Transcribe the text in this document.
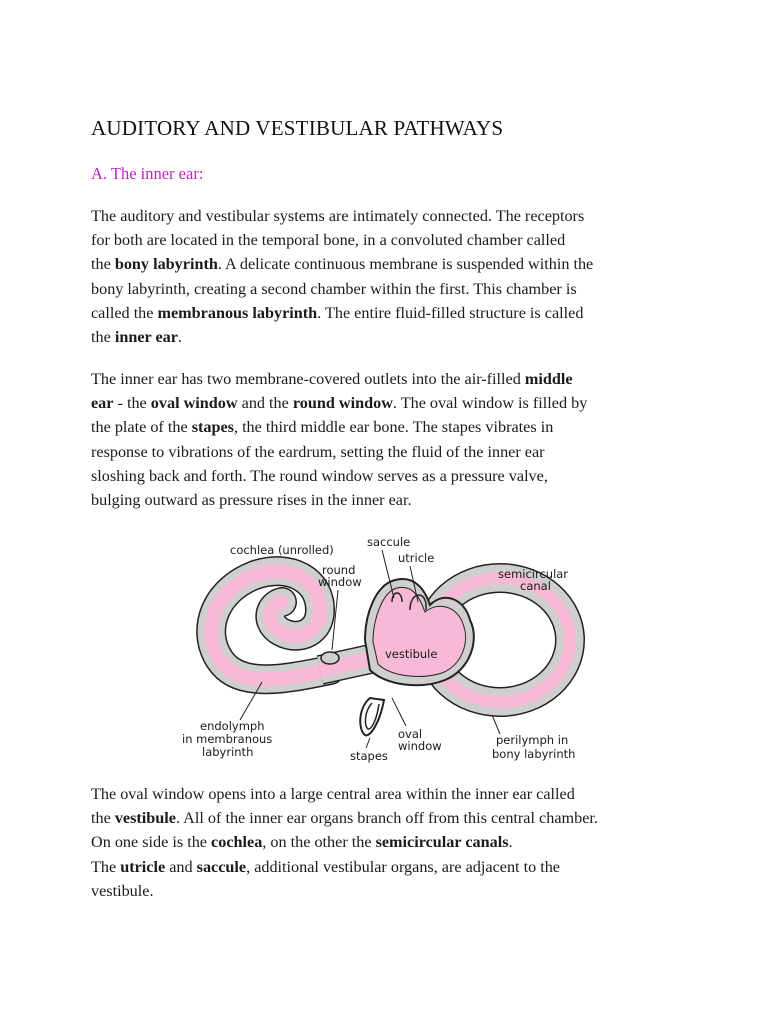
AUDITORY AND VESTIBULAR PATHWAYS
A. The inner ear:

The auditory and vestibular systems are intimately connected. The receptors
for both are located in the temporal bone, in a convoluted chamber called
the bony labyrinth. A delicate continuous membrane is suspended within the
bony labyrinth, creating a second chamber within the first. This chamber is
called the membranous labyrinth. The entire fluid-filled structure is called
the inner ear.

The inner ear has two membrane-covered outlets into the air-filled middle
ear - the oval window and the round window. The oval window is filled by
the plate of the stapes, the third middle ear bone. The stapes vibrates in
response to vibrations of the eardrum, setting the fluid of the inner ear
sloshing back and forth. The round window serves as a pressure valve,
bulging outward as pressure rises in the inner ear.

cochlea (unrolled)
round
window
saccule
utricle
semicircular
canal
vestibule
endolymph
in membranous
labyrinth
oval
window
stapes
perilymph in
bony labyrinth

The oval window opens into a large central area within the inner ear called
the vestibule. All of the inner ear organs branch off from this central chamber.
On one side is the cochlea, on the other the semicircular canals.
The utricle and saccule, additional vestibular organs, are adjacent to the
vestibule.
